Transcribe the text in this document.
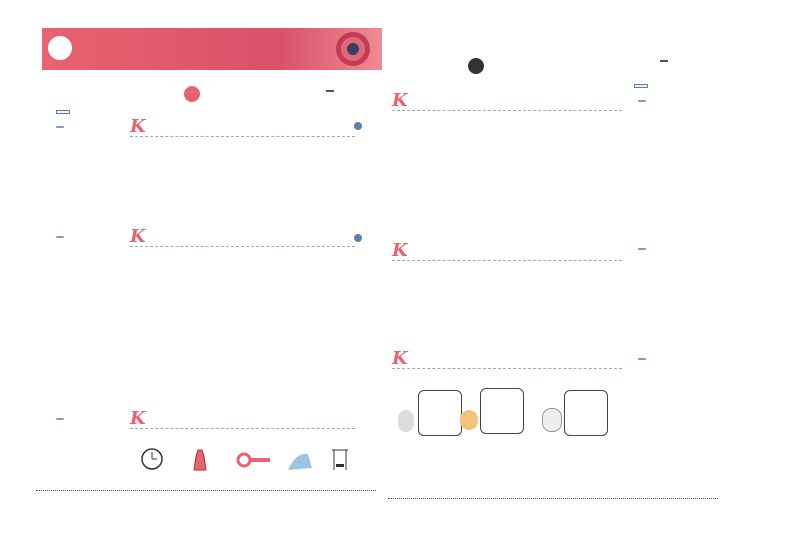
K
K
K
K
K
K
